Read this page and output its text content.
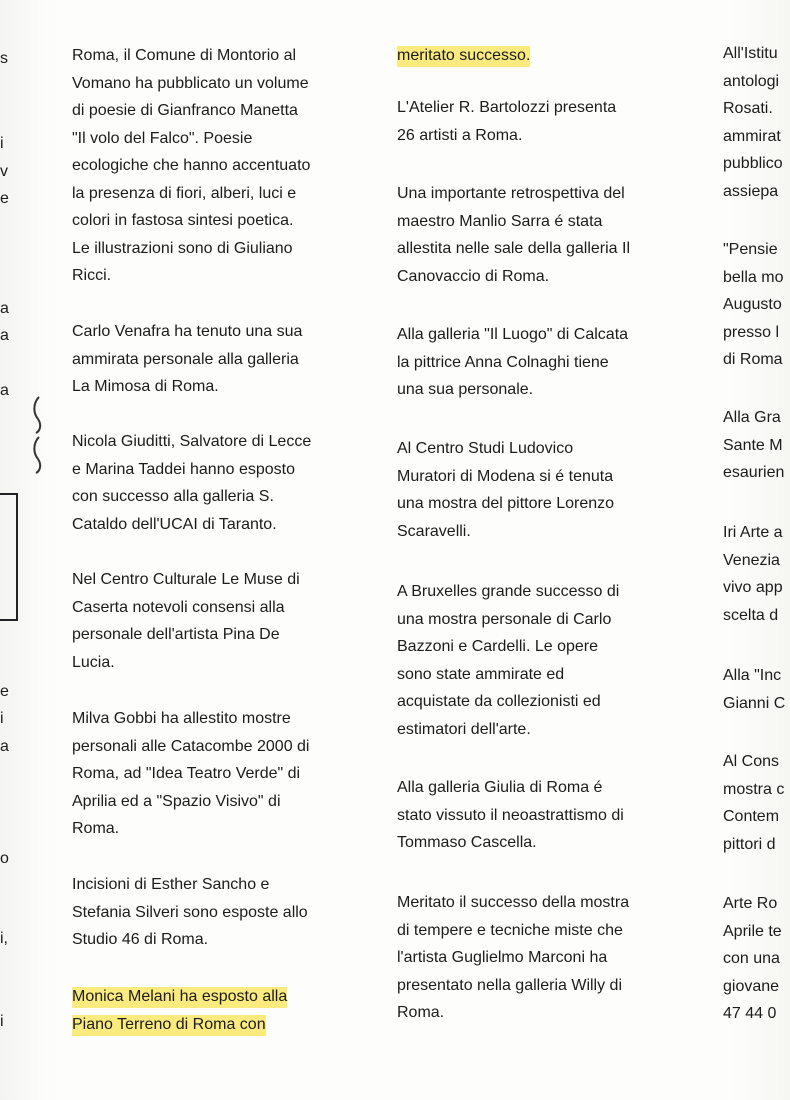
s
i
v
e
a
a
a
e
i
a
o
i,
i

Roma, il Comune di Montorio al

Vomano ha pubblicato un volume

di poesie di Gianfranco Manetta

"Il volo del Falco". Poesie

ecologiche che hanno accentuato

la presenza di fiori, alberi, luci e

colori in fastosa sintesi poetica.

Le illustrazioni sono di Giuliano

Ricci.

Carlo Venafra ha tenuto una sua

ammirata personale alla galleria

La Mimosa di Roma.

Nicola Giuditti, Salvatore di Lecce

e Marina Taddei hanno esposto

con successo alla galleria S.

Cataldo dell'UCAI di Taranto.

Nel Centro Culturale Le Muse di

Caserta notevoli consensi alla

personale dell'artista Pina De

Lucia.

Milva Gobbi ha allestito mostre

personali alle Catacombe 2000 di

Roma, ad "Idea Teatro Verde" di

Aprilia ed a "Spazio Visivo" di

Roma.

Incisioni di Esther Sancho e

Stefania Silveri sono esposte allo

Studio 46 di Roma.

Monica Melani ha esposto alla

Piano Terreno di Roma con

meritato successo.

L'Atelier R. Bartolozzi presenta

26 artisti a Roma.

Una importante retrospettiva del

maestro Manlio Sarra é stata

allestita nelle sale della galleria Il

Canovaccio di Roma.

Alla galleria "Il Luogo" di Calcata

la pittrice Anna Colnaghi tiene

una sua personale.

Al Centro Studi Ludovico

Muratori di Modena si é tenuta

una mostra del pittore Lorenzo

Scaravelli.

A Bruxelles grande successo di

una mostra personale di Carlo

Bazzoni e Cardelli. Le opere

sono state ammirate ed

acquistate da collezionisti ed

estimatori dell'arte.

Alla galleria Giulia di Roma é

stato vissuto il neoastrattismo di

Tommaso Cascella.

Meritato il successo della mostra

di tempere e tecniche miste che

l'artista Guglielmo Marconi ha

presentato nella galleria Willy di

Roma.

All'Istitu

antologi

Rosati.

ammirat

pubblico

assiepa

"Pensie

bella mo

Augusto

presso l

di Roma

Alla Gra

Sante M

esaurien

Iri Arte a

Venezia

vivo app

scelta d

Alla "Inc

Gianni C

Al Cons

mostra c

Contem

pittori d

Arte Ro

Aprile te

con una

giovane

47 44 0
